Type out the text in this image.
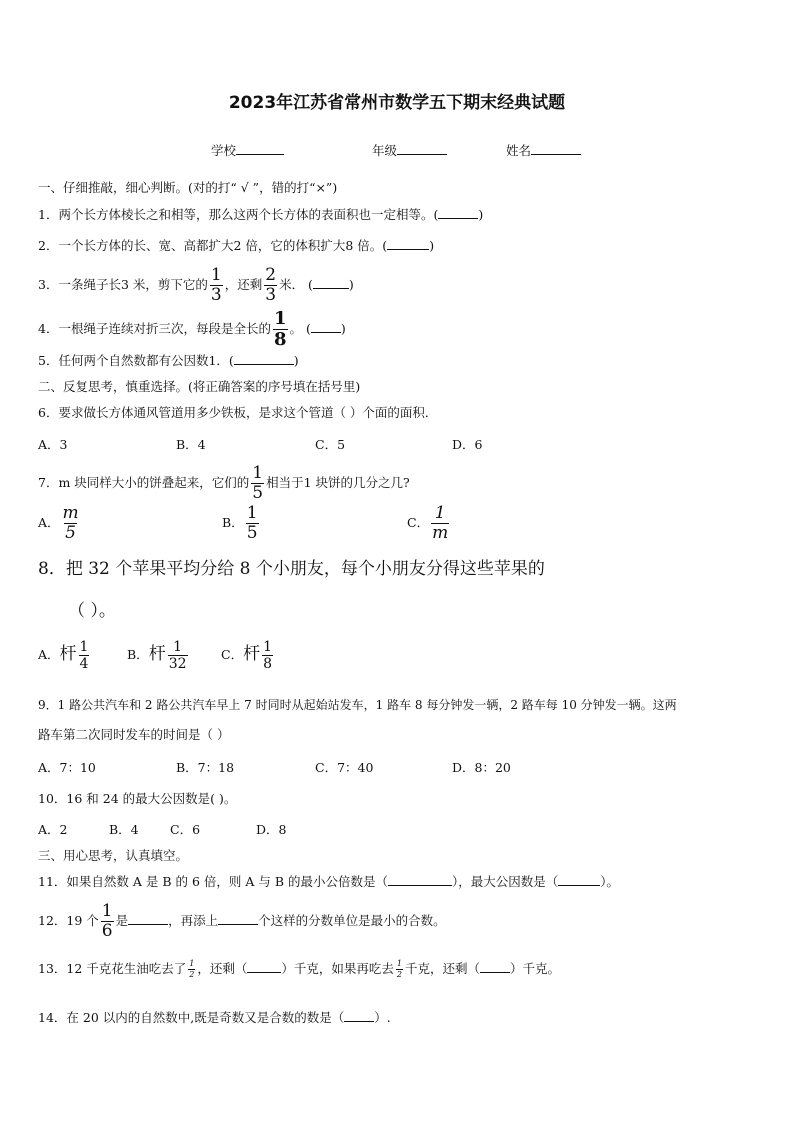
2023年江苏省常州市数学五下期末经典试题
学校	年级	姓名
一、仔细推敲，细心判断。(对的打“ √ ”，错的打“×”)
1．两个长方体棱长之和相等，那么这两个长方体的表面积也一定相等。(	)
2．一个长方体的长、宽、高都扩大2 倍，它的体积扩大8 倍。(	)
3．一条绳子长3 米，剪下它的 $\frac{1}{3}$ ，还剩 $\frac{2}{3}$ 米． (	)
4．一根绳子连续对折三次，每段是全长的 $\frac{1}{8}$ 。 ( )
5．任何两个自然数都有公因数1．(	)
二、反复思考，慎重选择。(将正确答案的序号填在括号里)
6．要求做长方体通风管道用多少铁板，是求这个管道（ ）个面的面积．
A．3	B．4	C．5	D．6
7．m 块同样大小的饼叠起来，它们的 $\frac{1}{5}$ 相当于1 块饼的几分之几?
A． $\frac{m}{5}$	B． $\frac{1}{5}$	C． $\frac{1}{m}$
8．把 32 个苹果平均分给 8 个小朋友，每个小朋友分得这些苹果的
（ ）。
A．杆 $\frac{1}{4}$	B．杆 $\frac{1}{32}$	C．杆 $\frac{1}{8}$
9．1 路公共汽车和 2 路公共汽车早上 7 时同时从起始站发车，1 路车 8 每分钟发一辆，2 路车每 10 分钟发一辆。这两
路车第二次同时发车的时间是（ ）
A．7：10	B．7：18	C．7：40	D．8：20
10．16 和 24 的最大公因数是( )。
A．2	B．4	C．6	D．8
三、用心思考，认真填空。
11．如果自然数 A 是 B 的 6 倍，则 A 与 B 的最小公倍数是（	），最大公因数是（	）。
12．19 个 $\frac{1}{6}$ 是	，再添上	个这样的分数单位是最小的合数。
13．12 千克花生油吃去了 $\frac{1}{2}$ ，还剩（	）千克，如果再吃去 $\frac{1}{2}$ 千克，还剩（ ）千克。
14．在 20 以内的自然数中,既是奇数又是合数的数是（ ）.
